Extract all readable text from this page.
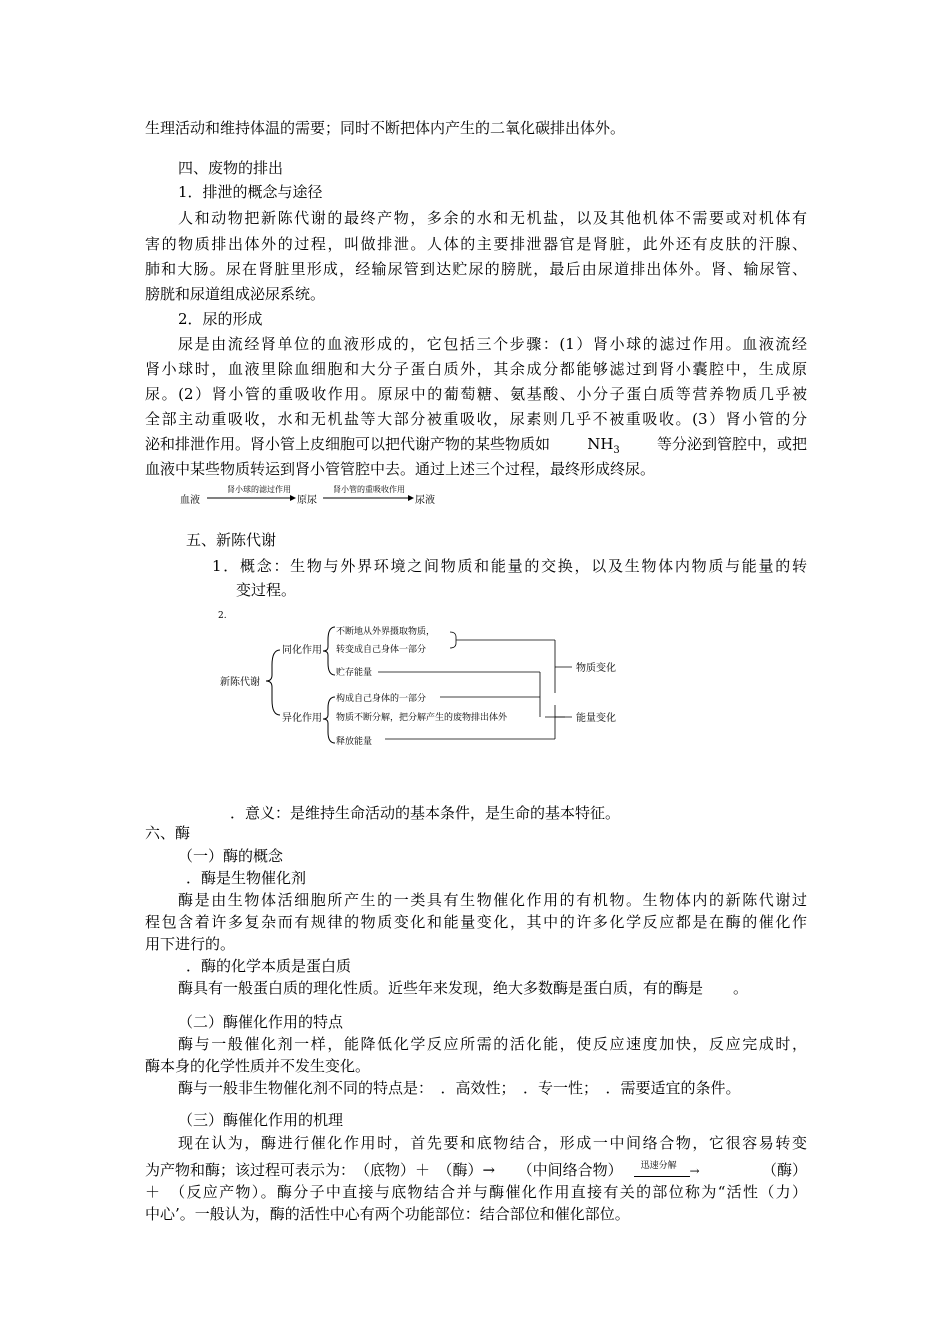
生理活动和维持体温的需要；同时不断把体内产生的二氧化碳排出体外。
四、废物的排出
1．排泄的概念与途径
人和动物把新陈代谢的最终产物，多余的水和无机盐，以及其他机体不需要或对机体有
害的物质排出体外的过程，叫做排泄。人体的主要排泄器官是肾脏，此外还有皮肤的汗腺、
肺和大肠。尿在肾脏里形成，经输尿管到达贮尿的膀胱，最后由尿道排出体外。肾、输尿管、
膀胱和尿道组成泌尿系统。
2．尿的形成
尿是由流经肾单位的血液形成的，它包括三个步骤：(1）肾小球的滤过作用。血液流经
肾小球时，血液里除血细胞和大分子蛋白质外，其余成分都能够滤过到肾小囊腔中，生成原
尿。(2）肾小管的重吸收作用。原尿中的葡萄糖、氨基酸、小分子蛋白质等营养物质几乎被
全部主动重吸收，水和无机盐等大部分被重吸收，尿素则几乎不被重吸收。(3）肾小管的分
泌和排泄作用。肾小管上皮细胞可以把代谢产物的某些物质如 $NH_3$ 等分泌到管腔中，或把
血液中某些物质转运到肾小管管腔中去。通过上述三个过程，最终形成终尿。
血液
肾小球的滤过作用
原尿
肾小管的重吸收作用
尿液
五、新陈代谢
1．概念：生物与外界环境之间物质和能量的交换，以及生物体内物质与能量的转
变过程。
2.
新陈代谢
同化作用
异化作用
不断地从外界摄取物质，
转变成自己身体一部分
贮存能量
构成自己身体的一部分
物质不断分解，把分解产生的废物排出体外
释放能量
物质变化
能量变化
．意义：是维持生命活动的基本条件，是生命的基本特征。
六、酶
（一）酶的概念
．酶是生物催化剂
酶是由生物体活细胞所产生的一类具有生物催化作用的有机物。生物体内的新陈代谢过
程包含着许多复杂而有规律的物质变化和能量变化，其中的许多化学反应都是在酶的催化作
用下进行的。
．酶的化学本质是蛋白质
酶具有一般蛋白质的理化性质。近些年来发现，绝大多数酶是蛋白质，有的酶是　　。
（二）酶催化作用的特点
酶与一般催化剂一样，能降低化学反应所需的活化能，使反应速度加快，反应完成时，
酶本身的化学性质并不发生变化。
酶与一般非生物催化剂不同的特点是：　．高效性；　．专一性；　．需要适宜的条件。
（三）酶催化作用的机理
现在认为，酶进行催化作用时，首先要和底物结合，形成一中间络合物，它很容易转变
为产物和酶；该过程可表示为：　（底物）＋　（酶）→　　（中间络合物） 迅速分解 →	（酶）
＋　（反应产物）。酶分子中直接与底物结合并与酶催化作用直接有关的部位称为“活性（力）
中心’。一般认为，酶的活性中心有两个功能部位：结合部位和催化部位。
